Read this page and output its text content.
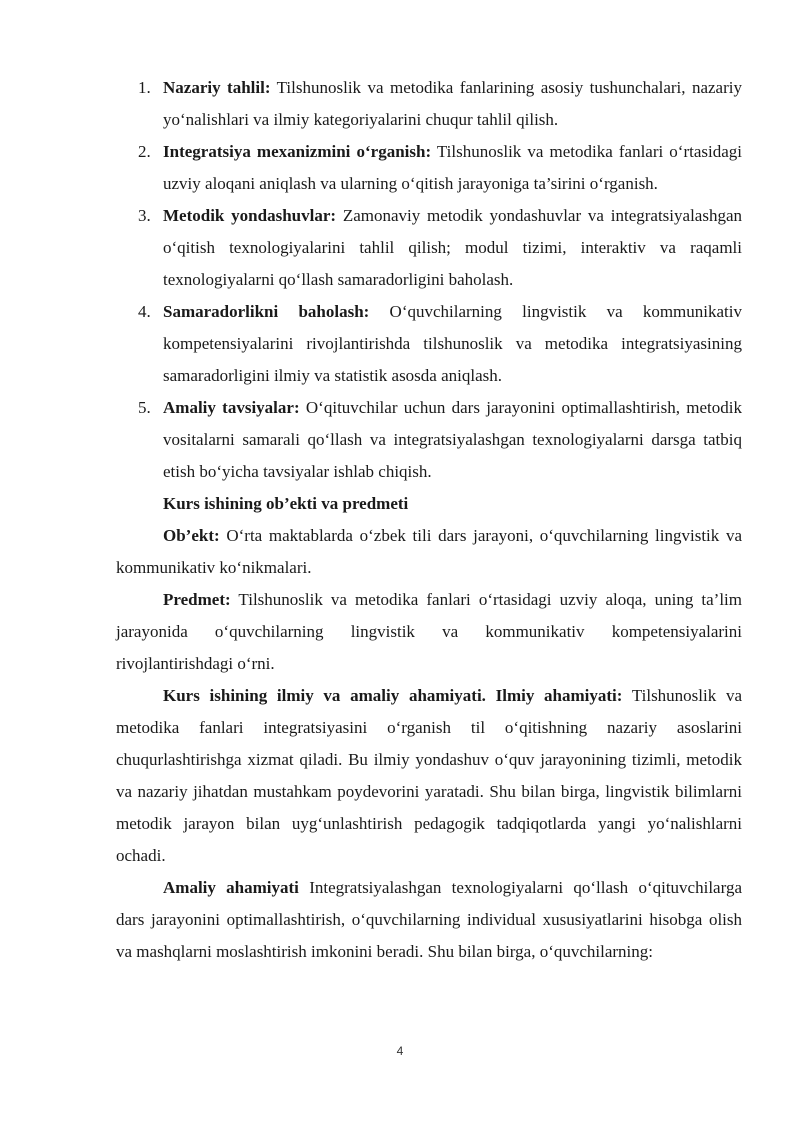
1. Nazariy tahlil: Tilshunoslik va metodika fanlarining asosiy tushunchalari, nazariy yo‘nalishlari va ilmiy kategoriyalarini chuqur tahlil qilish.
2. Integratsiya mexanizmini o‘rganish: Tilshunoslik va metodika fanlari o‘rtasidagi uzviy aloqani aniqlash va ularning o‘qitish jarayoniga ta’sirini o‘rganish.
3. Metodik yondashuvlar: Zamonaviy metodik yondashuvlar va integratsiyalashgan o‘qitish texnologiyalarini tahlil qilish; modul tizimi, interaktiv va raqamli texnologiyalarni qo‘llash samaradorligini baholash.
4. Samaradorlikni baholash: O‘quvchilarning lingvistik va kommunikativ kompetensiyalarini rivojlantirishda tilshunoslik va metodika integratsiyasining samaradorligini ilmiy va statistik asosda aniqlash.
5. Amaliy tavsiyalar: O‘qituvchilar uchun dars jarayonini optimallashtirish, metodik vositalarni samarali qo‘llash va integratsiyalashgan texnologiyalarni darsga tatbiq etish bo‘yicha tavsiyalar ishlab chiqish.
Kurs ishining ob’ekti va predmeti

Ob’ekt: O‘rta maktablarda o‘zbek tili dars jarayoni, o‘quvchilarning lingvistik va kommunikativ ko‘nikmalari.

Predmet: Tilshunoslik va metodika fanlari o‘rtasidagi uzviy aloqa, uning ta’lim jarayonida o‘quvchilarning lingvistik va kommunikativ kompetensiyalarini rivojlantirishdagi o‘rni.

Kurs ishining ilmiy va amaliy ahamiyati. Ilmiy ahamiyati: Tilshunoslik va metodika fanlari integratsiyasini o‘rganish til o‘qitishning nazariy asoslarini chuqurlashtirishga xizmat qiladi. Bu ilmiy yondashuv o‘quv jarayonining tizimli, metodik va nazariy jihatdan mustahkam poydevorini yaratadi. Shu bilan birga, lingvistik bilimlarni metodik jarayon bilan uyg‘unlashtirish pedagogik tadqiqotlarda yangi yo‘nalishlarni ochadi.

Amaliy ahamiyati Integratsiyalashgan texnologiyalarni qo‘llash o‘qituvchilarga dars jarayonini optimallashtirish, o‘quvchilarning individual xususiyatlarini hisobga olish va mashqlarni moslashtirish imkonini beradi. Shu bilan birga, o‘quvchilarning:

4
